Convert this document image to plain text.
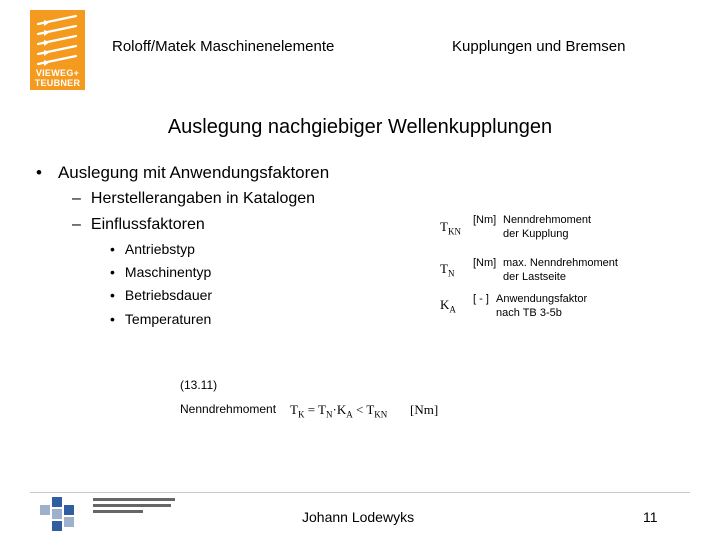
VIEWEG+
TEUBNER
Roloff/Matek Maschinenelemente	Kupplungen und Bremsen
Auslegung nachgiebiger Wellenkupplungen
• Auslegung mit Anwendungsfaktoren
– Herstellerangaben in Katalogen
– Einflussfaktoren
• Antriebstyp
• Maschinentyp
• Betriebsdauer
• Temperaturen
$T_{KN}$
[Nm] Nenndrehmoment
der Kupplung
$T_N$
[Nm] max. Nenndrehmoment
der Lastseite
$K_A$
[ - ] Anwendungsfaktor
nach TB 3-5b
(13.11)
Nenndrehmoment $T_K = T_N\cdot K_A < T_{KN}$ [Nm]
Johann Lodewyks	11
